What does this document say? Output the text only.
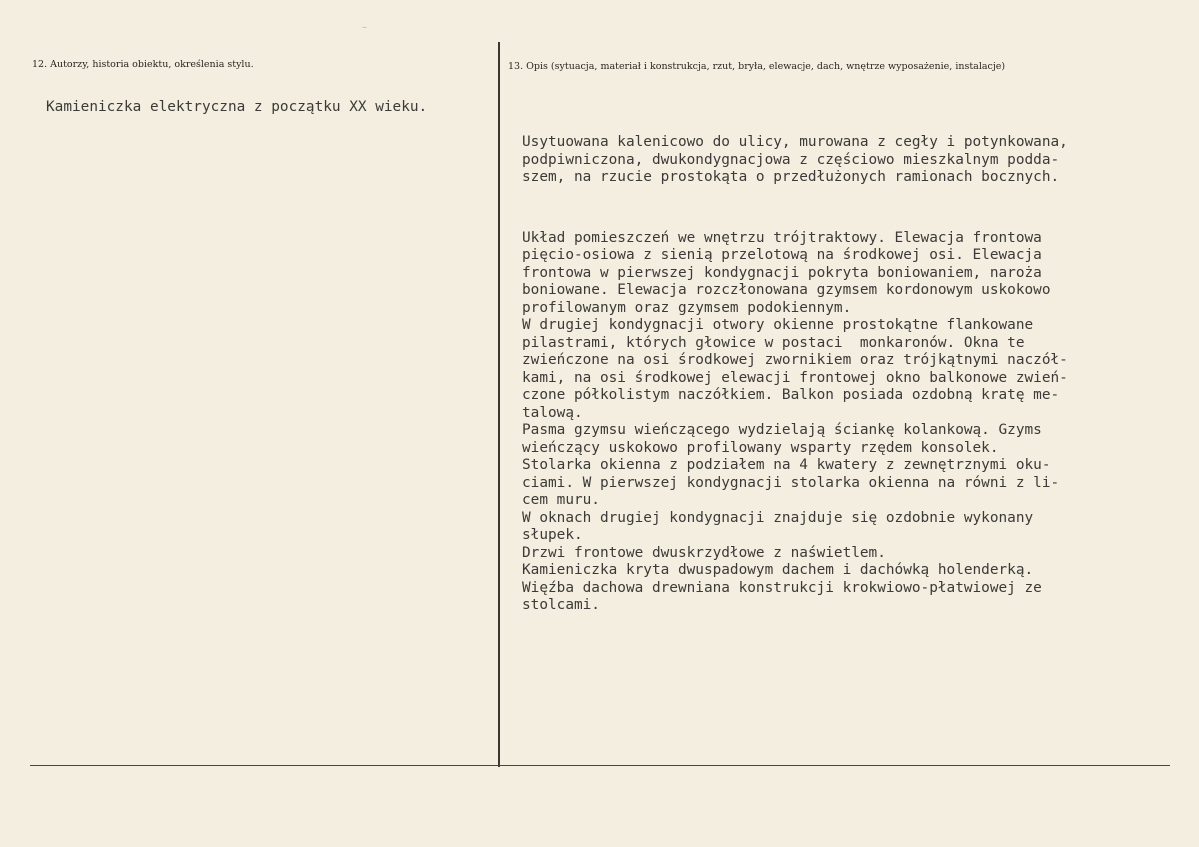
12. Autorzy, historia obiektu, określenia stylu.	13. Opis (sytuacja, materiał i konstrukcja, rzut, bryła, elewacje, dach, wnętrze wyposażenie, instalacje)
Kamieniczka elektryczna z początku XX wieku.

Usytuowana kalenicowo do ulicy, murowana z cegły i potynkowana,
podpiwniczona, dwukondygnacjowa z częściowo mieszkalnym podda-
szem, na rzucie prostokąta o przedłużonych ramionach bocznych.

Układ pomieszczeń we wnętrzu trójtraktowy. Elewacja frontowa
pięcio-osiowa z sienią przelotową na środkowej osi. Elewacja
frontowa w pierwszej kondygnacji pokryta boniowaniem, naroża
boniowane. Elewacja rozczłonowana gzymsem kordonowym uskokowo
profilowanym oraz gzymsem podokiennym.
W drugiej kondygnacji otwory okienne prostokątne flankowane
pilastrami, których głowice w postaci  monkaronów. Okna te
zwieńczone na osi środkowej zwornikiem oraz trójkątnymi naczół-
kami, na osi środkowej elewacji frontowej okno balkonowe zwień-
czone półkolistym naczółkiem. Balkon posiada ozdobną kratę me-
talową.
Pasma gzymsu wieńczącego wydzielają ściankę kolankową. Gzyms
wieńczący uskokowo profilowany wsparty rzędem konsolek.
Stolarka okienna z podziałem na 4 kwatery z zewnętrznymi oku-
ciami. W pierwszej kondygnacji stolarka okienna na równi z li-
cem muru.
W oknach drugiej kondygnacji znajduje się ozdobnie wykonany
słupek.
Drzwi frontowe dwuskrzydłowe z naświetlem.
Kamieniczka kryta dwuspadowym dachem i dachówką holenderką.
Więźba dachowa drewniana konstrukcji krokwiowo-płatwiowej ze
stolcami.

–
